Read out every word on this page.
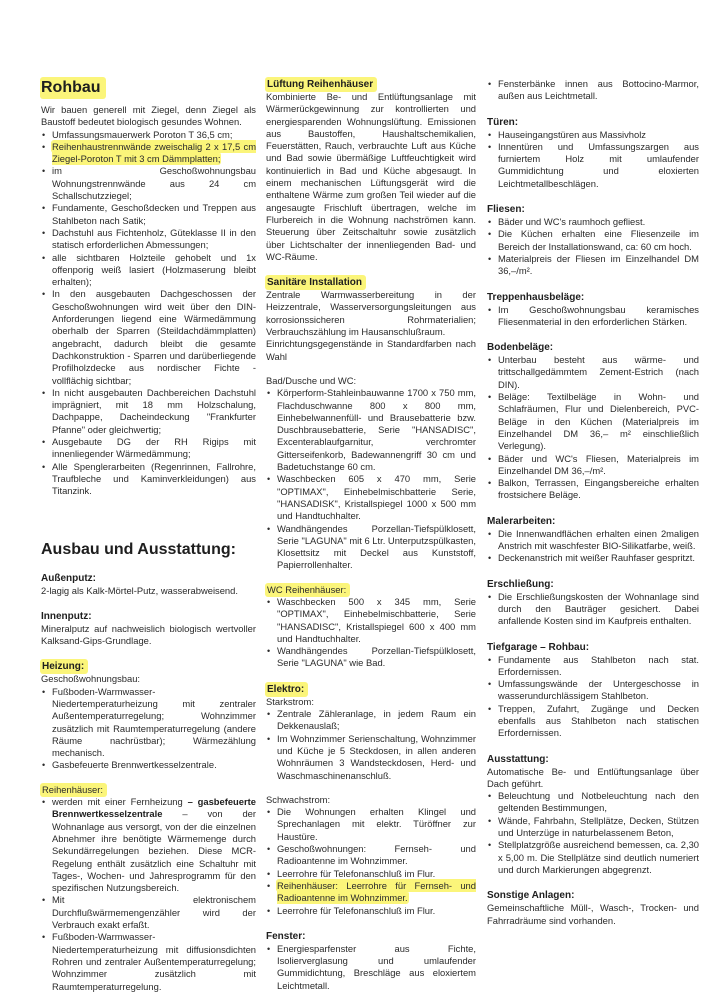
Rohbau

Wir bauen generell mit Ziegel, denn Ziegel als Baustoff bedeutet biologisch gesundes Wohnen.

• Umfassungsmauerwerk Poroton T 36,5 cm;
• Reihenhaustrennwände zweischalig 2 x 17,5 cm Ziegel-Poroton T mit 3 cm Dämmplatten;
• im Geschoßwohnungsbau Wohnungstrennwände aus 24 cm Schallschutzziegel;
• Fundamente, Geschoßdecken und Treppen aus Stahlbeton nach Satik;
• Dachstuhl aus Fichtenholz, Güteklasse II in den statisch erforderlichen Abmessungen;
• alle sichtbaren Holzteile gehobelt und 1x offenporig weiß lasiert (Holzmaserung bleibt erhalten);
• In den ausgebauten Dachgeschossen der Geschoßwohnungen wird weit über den DIN-Anforderungen liegend eine Wärmedämmung oberhalb der Sparren (Steildachdämmplatten) angebracht, dadurch bleibt die gesamte Dachkonstruktion - Sparren und darüberliegende Profilholzdecke aus nordischer Fichte - vollflächig sichtbar;
• In nicht ausgebauten Dachbereichen Dachstuhl imprägniert, mit 18 mm Holzschalung, Dachpappe, Dacheindeckung "Frankfurter Pfanne" oder gleichwertig;
• Ausgebaute DG der RH Rigips mit innenliegender Wärmedämmung;
• Alle Spenglerarbeiten (Regenrinnen, Fallrohre, Traufbleche und Kaminverkleidungen) aus Titanzink.
Ausbau und Ausstattung:
Außenputz:

2-lagig als Kalk-Mörtel-Putz, wasserabweisend.

Innenputz:

Mineralputz auf nachweislich biologisch wertvoller Kalksand-Gips-Grundlage.

Heizung:
Geschoßwohnungsbau:
• Fußboden-Warmwasser-Niedertemperaturheizung mit zentraler Außentemperaturregelung; Wohnzimmer zusätzlich mit Raumtemperaturregelung (andere Räume nachrüstbar); Wärmezählung mechanisch.
• Gasbefeuerte Brennwertkesselzentrale.
Reihenhäuser:
• werden mit einer Fernheizung – gasbefeuerte Brennwertkesselzentrale – von der Wohnanlage aus versorgt, von der die einzelnen Abnehmer ihre benötigte Wärmemenge durch Sekundärregelungen beziehen. Diese MCR-Regelung enthält zusätzlich eine Schaltuhr mit Tages-, Wochen- und Jahresprogramm für den spezifischen Nutzungsbereich.
• Mit elektronischem Durchflußwärmemengenzähler wird der Verbrauch exakt erfaßt.
• Fußboden-Warmwasser-Niedertemperaturheizung mit diffusionsdichten Rohren und zentraler Außentemperaturregelung; Wohnzimmer zusätzlich mit Raumtemperaturregelung.
Lüftung Reihenhäuser

Kombinierte Be- und Entlüftungsanlage mit Wärmerückgewinnung zur kontrollierten und energiesparenden Wohnungslüftung. Emissionen aus Baustoffen, Haushaltschemikalien, Feuerstätten, Rauch, verbrauchte Luft aus Küche und Bad sowie übermäßige Luftfeuchtigkeit wird kontinuierlich in Bad und Küche abgesaugt. In einem mechanischen Lüftungsgerät wird die enthaltene Wärme zum großen Teil wieder auf die angesaugte Frischluft übertragen, welche im Flurbereich in die Wohnung nachströmen kann. Steuerung über Zeitschaltuhr sowie zusätzlich über Lichtschalter der innenliegenden Bad- und WC-Räume.

Sanitäre Installation

Zentrale Warmwasserbereitung in der Heizzentrale, Wasserversorgungsleitungen aus korrosionssicheren Rohrmaterialien; Verbrauchszählung im Hausanschlußraum.

Einrichtungsgegenstände in Standardfarben nach Wahl

Bad/Dusche und WC:
• Körperform-Stahleinbauwanne 1700 x 750 mm, Flachduschwanne 800 x 800 mm, Einhebelwannenfüll- und Brausebatterie bzw. Duschbrausebatterie, Serie "HANSADISC", Excenterablaufgarnitur, verchromter Gitterseifenkorb, Badewannengriff 30 cm und Badetuchstange 60 cm.
• Waschbecken 605 x 470 mm, Serie "OPTIMAX", Einhebelmischbatterie Serie, "HANSADISK", Kristallspiegel 1000 x 500 mm und Handtuchhalter.
• Wandhängendes Porzellan-Tiefspülklosett, Serie "LAGUNA" mit 6 Ltr. Unterputzspülkasten, Klosettsitz mit Deckel aus Kunststoff, Papierrollenhalter.
WC Reihenhäuser:
• Waschbecken 500 x 345 mm, Serie "OPTIMAX", Einhebelmischbatterie, Serie "HANSADISC", Kristallspiegel 600 x 400 mm und Handtuchhalter.
• Wandhängendes Porzellan-Tiefspülklosett, Serie "LAGUNA" wie Bad.
Elektro:
Starkstrom:
• Zentrale Zähleranlage, in jedem Raum ein Dekkenauslaß;
• Im Wohnzimmer Serienschaltung, Wohnzimmer und Küche je 5 Steckdosen, in allen anderen Wohnräumen 3 Wandsteckdosen, Herd- und Waschmaschinenanschluß.
Schwachstrom:
• Die Wohnungen erhalten Klingel und Sprechanlagen mit elektr. Türöffner zur Haustüre.
• Geschoßwohnungen: Fernseh- und Radioantenne im Wohnzimmer.
• Leerrohre für Telefonanschluß im Flur.
• Reihenhäuser: Leerrohre für Fernseh- und Radioantenne im Wohnzimmer.
• Leerrohre für Telefonanschluß im Flur.
Fenster:
• Energiesparfenster aus Fichte, Isolierverglasung und umlaufender Gummidichtung, Breschläge aus eloxiertem Leichtmetall.
• Fensterbänke innen aus Bottocino-Marmor, außen aus Leichtmetall.
Türen:
• Hauseingangstüren aus Massivholz
• Innentüren und Umfassungszargen aus furniertem Holz mit umlaufender Gummidichtung und eloxierten Leichtmetallbeschlägen.
Fliesen:
• Bäder und WC's raumhoch gefliest.
• Die Küchen erhalten eine Fliesenzeile im Bereich der Installationswand, ca: 60 cm hoch.
• Materialpreis der Fliesen im Einzelhandel DM 36,–/m².
Treppenhausbeläge:
• Im Geschoßwohnungsbau keramisches Fliesenmaterial in den erforderlichen Stärken.
Bodenbeläge:
• Unterbau besteht aus wärme- und trittschallgedämmtem Zement-Estrich (nach DIN).
• Beläge: Textilbeläge in Wohn- und Schlafräumen, Flur und Dielenbereich, PVC-Beläge in den Küchen (Materialpreis im Einzelhandel DM 36,– m² einschließlich Verlegung).
• Bäder und WC's Fliesen, Materialpreis im Einzelhandel DM 36,–/m².
• Balkon, Terrassen, Eingangsbereiche erhalten frostsichere Beläge.
Malerarbeiten:
• Die Innenwandflächen erhalten einen 2maligen Anstrich mit waschfester BIO-Silikatfarbe, weiß.
• Deckenanstrich mit weißer Rauhfaser gespritzt.
Erschließung:
• Die Erschließungskosten der Wohnanlage sind durch den Bauträger gesichert. Dabei anfallende Kosten sind im Kaufpreis enthalten.
Tiefgarage – Rohbau:
• Fundamente aus Stahlbeton nach stat. Erfordernissen.
• Umfassungswände der Untergeschosse in wasserundurchlässigem Stahlbeton.
• Treppen, Zufahrt, Zugänge und Decken ebenfalls aus Stahlbeton nach statischen Erfordernissen.
Ausstattung:

Automatische Be- und Entlüftungsanlage über Dach geführt.

• Beleuchtung und Notbeleuchtung nach den geltenden Bestimmungen,
• Wände, Fahrbahn, Stellplätze, Decken, Stützen und Unterzüge in naturbelassenem Beton,
• Stellplatzgröße ausreichend bemessen, ca. 2,30 x 5,00 m. Die Stellplätze sind deutlich numeriert und durch Markierungen abgegrenzt.
Sonstige Anlagen:

Gemeinschaftliche Müll-, Wasch-, Trocken- und Fahrradräume sind vorhanden.
